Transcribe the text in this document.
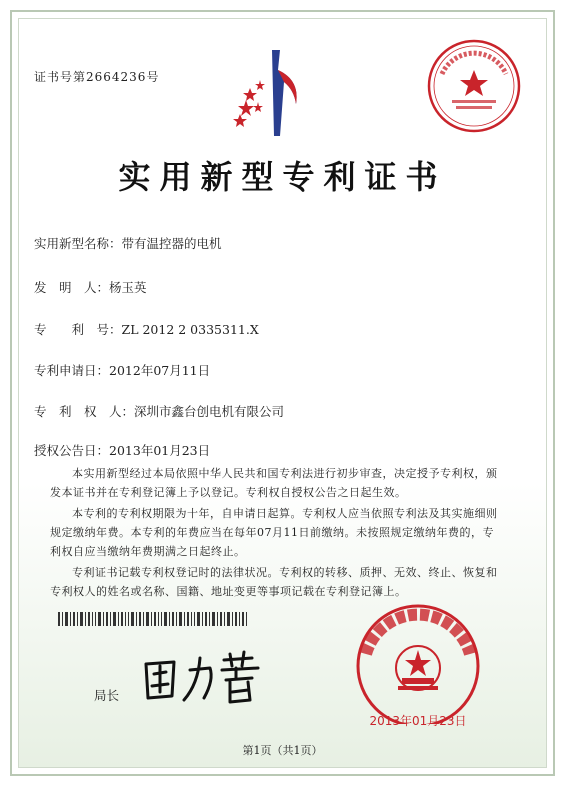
证书号第2664236号
实用新型专利证书
实用新型名称：带有温控器的电机
发　明　人：杨玉英
专　　利　号：ZL 2012 2 0335311.X
专利申请日：2012年07月11日
专　利　权　人：深圳市鑫台创电机有限公司
授权公告日：2013年01月23日

本实用新型经过本局依照中华人民共和国专利法进行初步审查，决定授予专利权，颁发本证书并在专利登记簿上予以登记。专利权自授权公告之日起生效。

本专利的专利权期限为十年，自申请日起算。专利权人应当依照专利法及其实施细则规定缴纳年费。本专利的年费应当在每年07月11日前缴纳。未按照规定缴纳年费的，专利权自应当缴纳年费期满之日起终止。

专利证书记载专利权登记时的法律状况。专利权的转移、质押、无效、终止、恢复和专利权人的姓名或名称、国籍、地址变更等事项记载在专利登记簿上。

局长
2013年01月23日
第1页（共1页）
